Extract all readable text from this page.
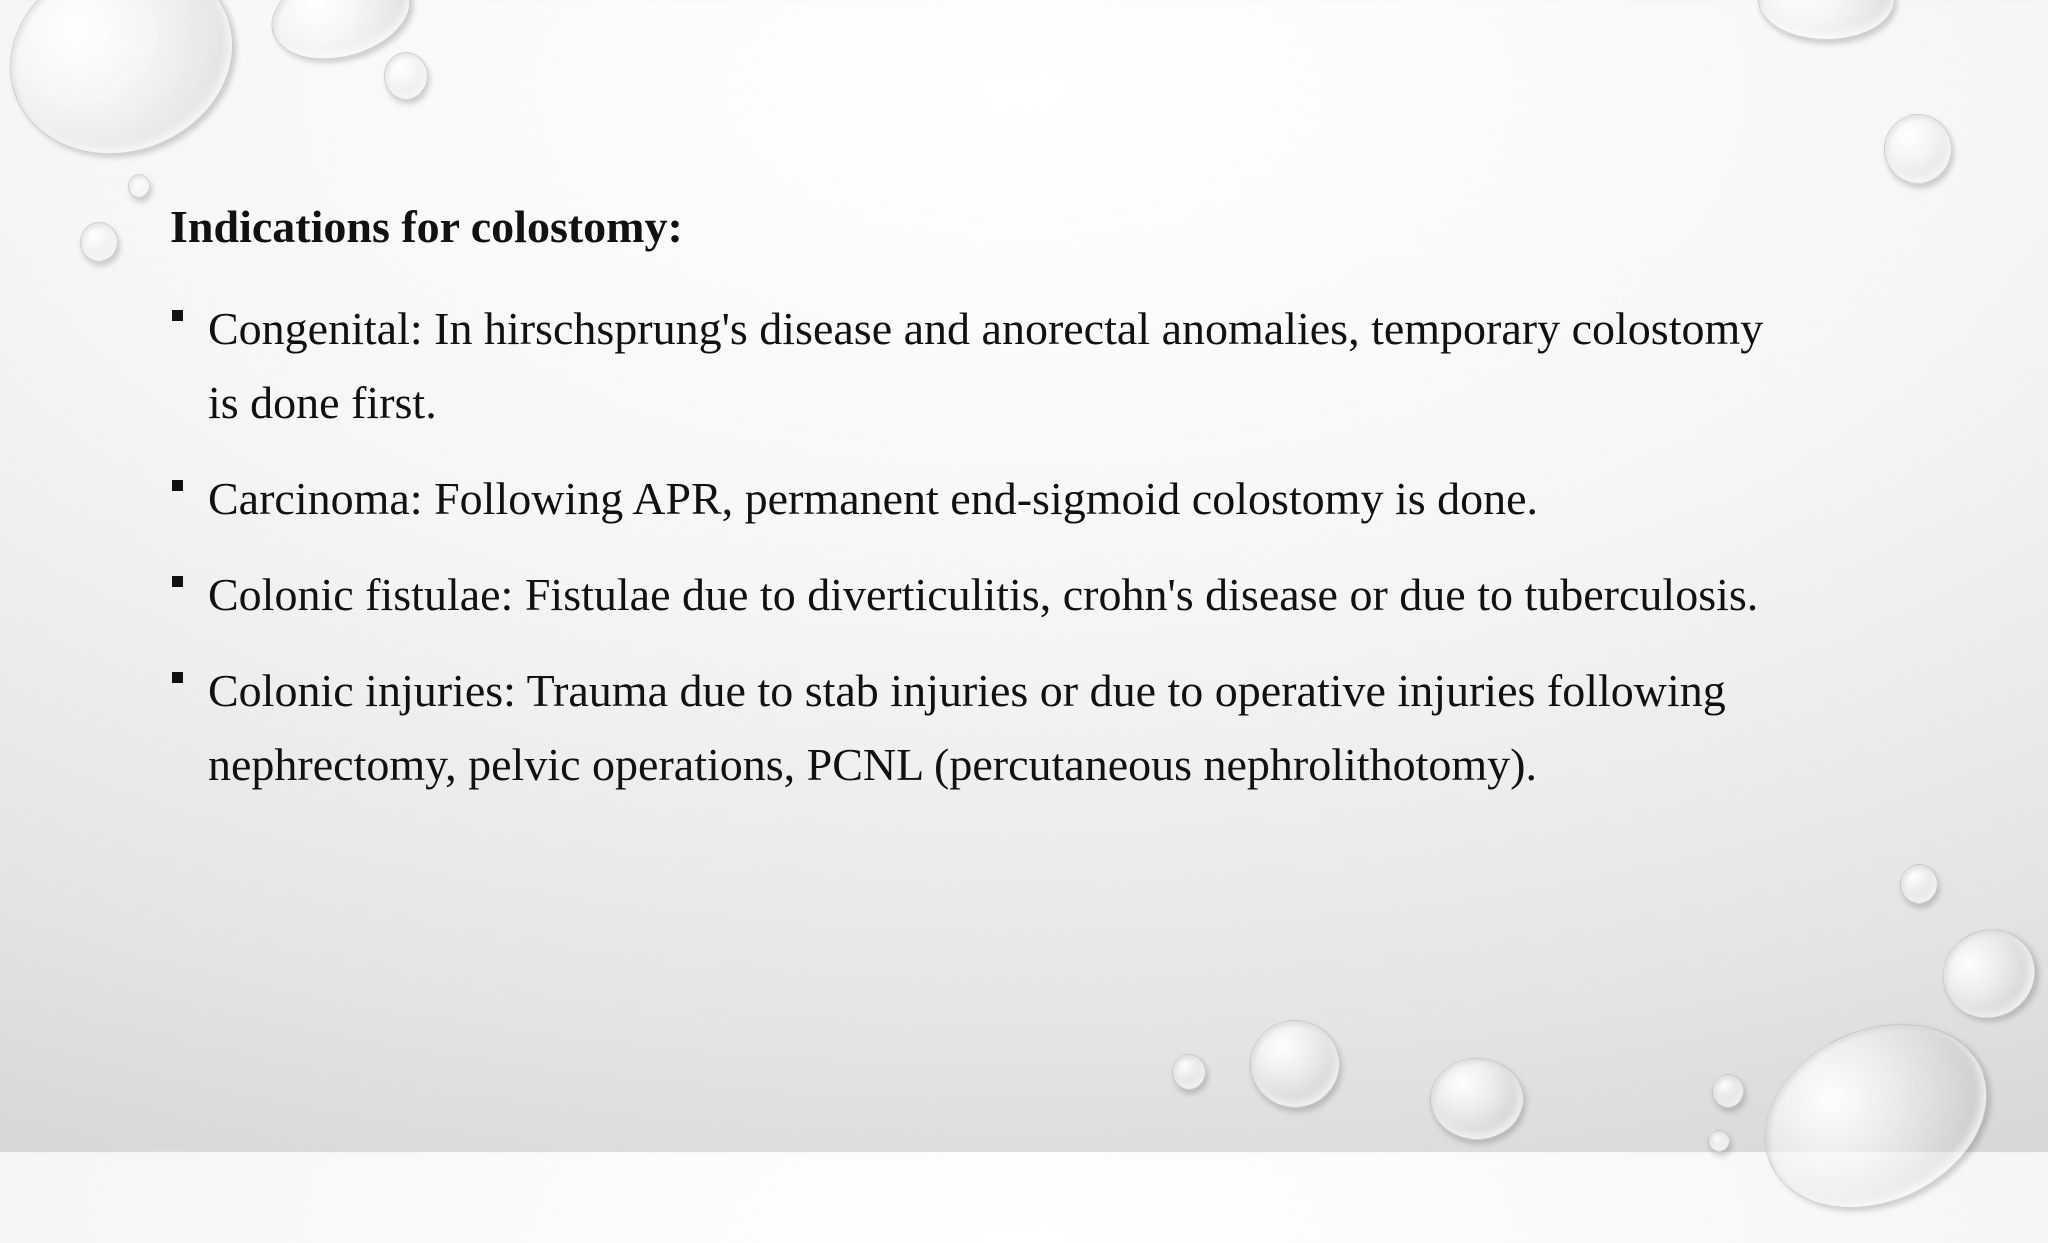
Indications for colostomy:
Congenital: In hirschsprung's disease and anorectal anomalies, temporary colostomy is done first.
Carcinoma: Following APR, permanent end-sigmoid colostomy is done.
Colonic fistulae: Fistulae due to diverticulitis, crohn's disease or due to tuberculosis.
Colonic injuries: Trauma due to stab injuries or due to operative injuries following nephrectomy, pelvic operations, PCNL (percutaneous nephrolithotomy).
